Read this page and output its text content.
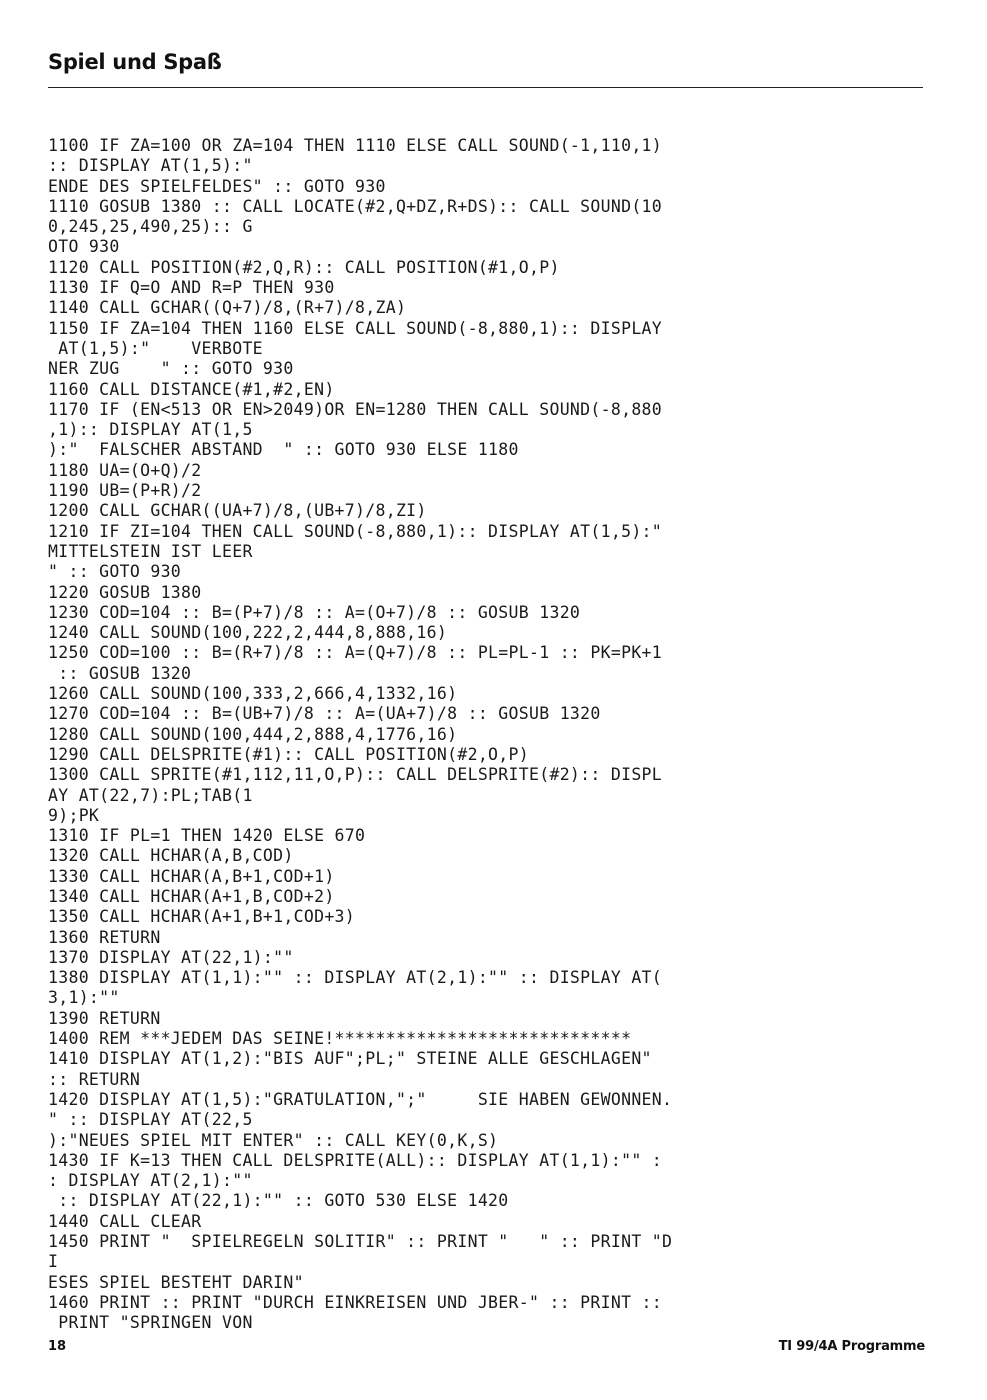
Spiel und Spaß
1100 IF ZA=100 OR ZA=104 THEN 1110 ELSE CALL SOUND(-1,110,1)
:: DISPLAY AT(1,5):"
ENDE DES SPIELFELDES" :: GOTO 930
1110 GOSUB 1380 :: CALL LOCATE(#2,Q+DZ,R+DS):: CALL SOUND(10
0,245,25,490,25):: G
OTO 930
1120 CALL POSITION(#2,Q,R):: CALL POSITION(#1,O,P)
1130 IF Q=O AND R=P THEN 930
1140 CALL GCHAR((Q+7)/8,(R+7)/8,ZA)
1150 IF ZA=104 THEN 1160 ELSE CALL SOUND(-8,880,1):: DISPLAY
AT(1,5):"    VERBOTE
NER ZUG    " :: GOTO 930
1160 CALL DISTANCE(#1,#2,EN)
1170 IF (EN<513 OR EN>2049)OR EN=1280 THEN CALL SOUND(-8,880
,1):: DISPLAY AT(1,5
):"  FALSCHER ABSTAND  " :: GOTO 930 ELSE 1180
1180 UA=(O+Q)/2
1190 UB=(P+R)/2
1200 CALL GCHAR((UA+7)/8,(UB+7)/8,ZI)
1210 IF ZI=104 THEN CALL SOUND(-8,880,1):: DISPLAY AT(1,5):"
MITTELSTEIN IST LEER
" :: GOTO 930
1220 GOSUB 1380
1230 COD=104 :: B=(P+7)/8 :: A=(O+7)/8 :: GOSUB 1320
1240 CALL SOUND(100,222,2,444,8,888,16)
1250 COD=100 :: B=(R+7)/8 :: A=(Q+7)/8 :: PL=PL-1 :: PK=PK+1
:: GOSUB 1320
1260 CALL SOUND(100,333,2,666,4,1332,16)
1270 COD=104 :: B=(UB+7)/8 :: A=(UA+7)/8 :: GOSUB 1320
1280 CALL SOUND(100,444,2,888,4,1776,16)
1290 CALL DELSPRITE(#1):: CALL POSITION(#2,O,P)
1300 CALL SPRITE(#1,112,11,O,P):: CALL DELSPRITE(#2):: DISPL
AY AT(22,7):PL;TAB(1
9);PK
1310 IF PL=1 THEN 1420 ELSE 670
1320 CALL HCHAR(A,B,COD)
1330 CALL HCHAR(A,B+1,COD+1)
1340 CALL HCHAR(A+1,B,COD+2)
1350 CALL HCHAR(A+1,B+1,COD+3)
1360 RETURN
1370 DISPLAY AT(22,1):""
1380 DISPLAY AT(1,1):"" :: DISPLAY AT(2,1):"" :: DISPLAY AT(
3,1):""
1390 RETURN
1400 REM ***JEDEM DAS SEINE!*****************************
1410 DISPLAY AT(1,2):"BIS AUF";PL;" STEINE ALLE GESCHLAGEN"
:: RETURN
1420 DISPLAY AT(1,5):"GRATULATION,";"     SIE HABEN GEWONNEN.
" :: DISPLAY AT(22,5
):"NEUES SPIEL MIT ENTER" :: CALL KEY(0,K,S)
1430 IF K=13 THEN CALL DELSPRITE(ALL):: DISPLAY AT(1,1):"" :
: DISPLAY AT(2,1):""
:: DISPLAY AT(22,1):"" :: GOTO 530 ELSE 1420
1440 CALL CLEAR
1450 PRINT "  SPIELREGELN SOLITIR" :: PRINT "   " :: PRINT "D
I
ESES SPIEL BESTEHT DARIN"
1460 PRINT :: PRINT "DURCH EINKREISEN UND JBER-" :: PRINT ::
PRINT "SPRINGEN VON
18	TI 99/4A Programme
